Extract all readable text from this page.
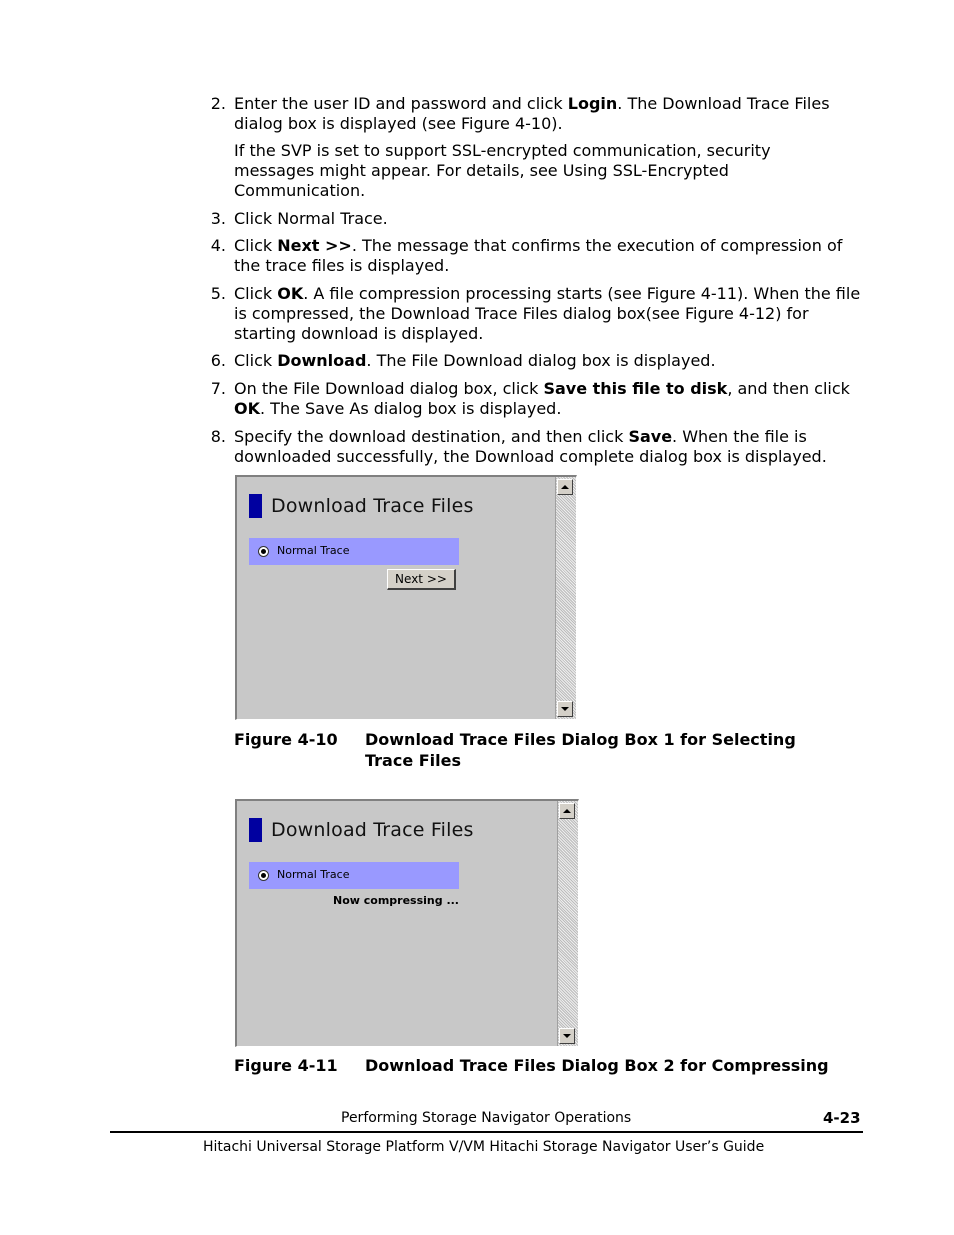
2. Enter the user ID and password and click Login. The Download Trace Files dialog box is displayed (see Figure 4-10).
If the SVP is set to support SSL-encrypted communication, security messages might appear. For details, see Using SSL-Encrypted Communication.
3. Click Normal Trace.
4. Click Next >>. The message that confirms the execution of compression of the trace files is displayed.
5. Click OK. A file compression processing starts (see Figure 4-11). When the file is compressed, the Download Trace Files dialog box(see Figure 4-12) for starting download is displayed.
6. Click Download. The File Download dialog box is displayed.
7. On the File Download dialog box, click Save this file to disk, and then click OK. The Save As dialog box is displayed.
8. Specify the download destination, and then click Save. When the file is downloaded successfully, the Download complete dialog box is displayed.
Download Trace Files
Normal Trace
Next >>
Figure 4-10	Download Trace Files Dialog Box 1 for Selecting Trace Files
Download Trace Files
Normal Trace
Now compressing ...
Figure 4-11	Download Trace Files Dialog Box 2 for Compressing
Performing Storage Navigator Operations	4-23
Hitachi Universal Storage Platform V/VM Hitachi Storage Navigator User’s Guide
